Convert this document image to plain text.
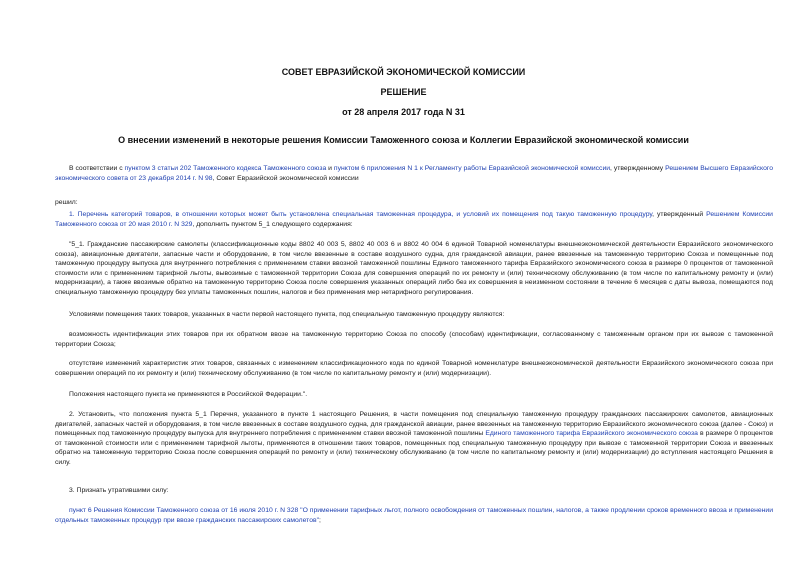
СОВЕТ ЕВРАЗИЙСКОЙ ЭКОНОМИЧЕСКОЙ КОМИССИИ
РЕШЕНИЕ
от 28 апреля 2017 года N 31
О внесении изменений в некоторые решения Комиссии Таможенного союза и Коллегии Евразийской экономической комиссии
В соответствии с пунктом 3 статьи 202 Таможенного кодекса Таможенного союза и пунктом 6 приложения N 1 к Регламенту работы Евразийской экономической комиссии, утвержденному Решением Высшего Евразийского экономического совета от 23 декабря 2014 г. N 98, Совет Евразийской экономической комиссии
решил:
1. Перечень категорий товаров, в отношении которых может быть установлена специальная таможенная процедура, и условий их помещения под такую таможенную процедуру, утвержденный Решением Комиссии Таможенного союза от 20 мая 2010 г. N 329, дополнить пунктом 5_1 следующего содержания:
"5_1. Гражданские пассажирские самолеты (классификационные коды 8802 40 003 5, 8802 40 003 6 и 8802 40 004 6 единой Товарной номенклатуры внешнеэкономической деятельности Евразийского экономического союза), авиационные двигатели, запасные части и оборудование, в том числе ввезенные в составе воздушного судна, для гражданской авиации, ранее ввезенные на таможенную территорию Союза и помещенные под таможенную процедуру выпуска для внутреннего потребления с применением ставки ввозной таможенной пошлины Единого таможенного тарифа Евразийского экономического союза в размере 0 процентов от таможенной стоимости или с применением тарифной льготы, вывозимые с таможенной территории Союза для совершения операций по их ремонту и (или) техническому обслуживанию (в том числе по капитальному ремонту и (или) модернизации), а также ввозимые обратно на таможенную территорию Союза после совершения указанных операций либо без их совершения в неизменном состоянии в течение 6 месяцев с даты вывоза, помещаются под специальную таможенную процедуру без уплаты таможенных пошлин, налогов и без применения мер нетарифного регулирования.
Условиями помещения таких товаров, указанных в части первой настоящего пункта, под специальную таможенную процедуру являются:
возможность идентификации этих товаров при их обратном ввозе на таможенную территорию Союза по способу (способам) идентификации, согласованному с таможенным органом при их вывозе с таможенной территории Союза;
отсутствие изменений характеристик этих товаров, связанных с изменением классификационного кода по единой Товарной номенклатуре внешнеэкономической деятельности Евразийского экономического союза при совершении операций по их ремонту и (или) техническому обслуживанию (в том числе по капитальному ремонту и (или) модернизации).
Положения настоящего пункта не применяются в Российской Федерации.".
2. Установить, что положения пункта 5_1 Перечня, указанного в пункте 1 настоящего Решения, в части помещения под специальную таможенную процедуру гражданских пассажирских самолетов, авиационных двигателей, запасных частей и оборудования, в том числе ввезенных в составе воздушного судна, для гражданской авиации, ранее ввезенных на таможенную территорию Евразийского экономического союза (далее - Союз) и помещенных под таможенную процедуру выпуска для внутреннего потребления с применением ставки ввозной таможенной пошлины Единого таможенного тарифа Евразийского экономического союза в размере 0 процентов от таможенной стоимости или с применением тарифной льготы, применяются в отношении таких товаров, помещенных под специальную таможенную процедуру при вывозе с таможенной территории Союза и ввезенных обратно на таможенную территорию Союза после совершения операций по ремонту и (или) техническому обслуживанию (в том числе по капитальному ремонту и (или) модернизации) до вступления настоящего Решения в силу.
3. Признать утратившими силу:
пункт 6 Решения Комиссии Таможенного союза от 16 июля 2010 г. N 328 "О применении тарифных льгот, полного освобождения от таможенных пошлин, налогов, а также продлении сроков временного ввоза и применении отдельных таможенных процедур при ввозе гражданских пассажирских самолетов";
